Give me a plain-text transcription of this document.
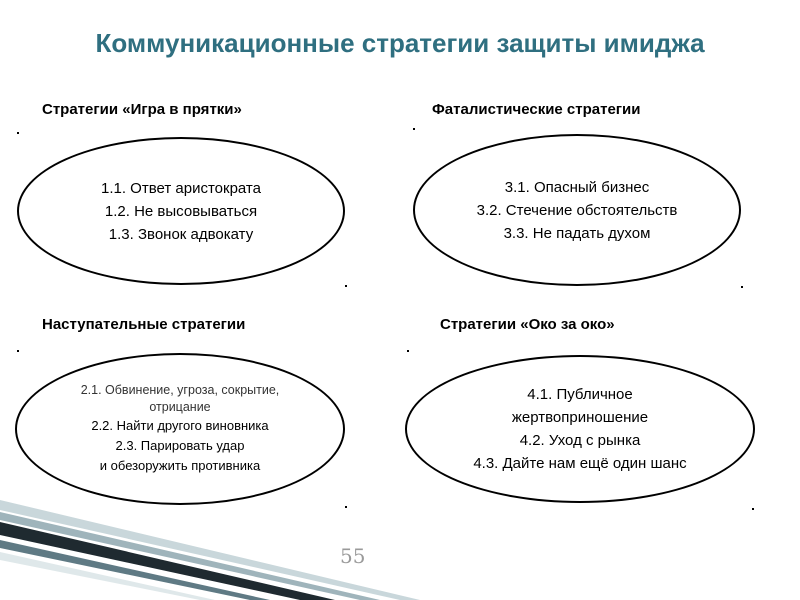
Коммуникационные стратегии защиты имиджа
Стратегии «Игра в прятки»
1.1. Ответ аристократа
1.2. Не высовываться
1.3. Звонок адвокату
Фаталистические стратегии
3.1. Опасный бизнес
3.2. Стечение обстоятельств
3.3. Не падать духом
Наступательные стратегии
2.1. Обвинение, угроза, сокрытие,
отрицание
2.2. Найти другого виновника
2.3. Парировать удар
и обезоружить противника
Стратегии «Око за око»
4.1. Публичное
жертвоприношение
4.2. Уход с рынка
4.3. Дайте нам ещё один шанс
55
